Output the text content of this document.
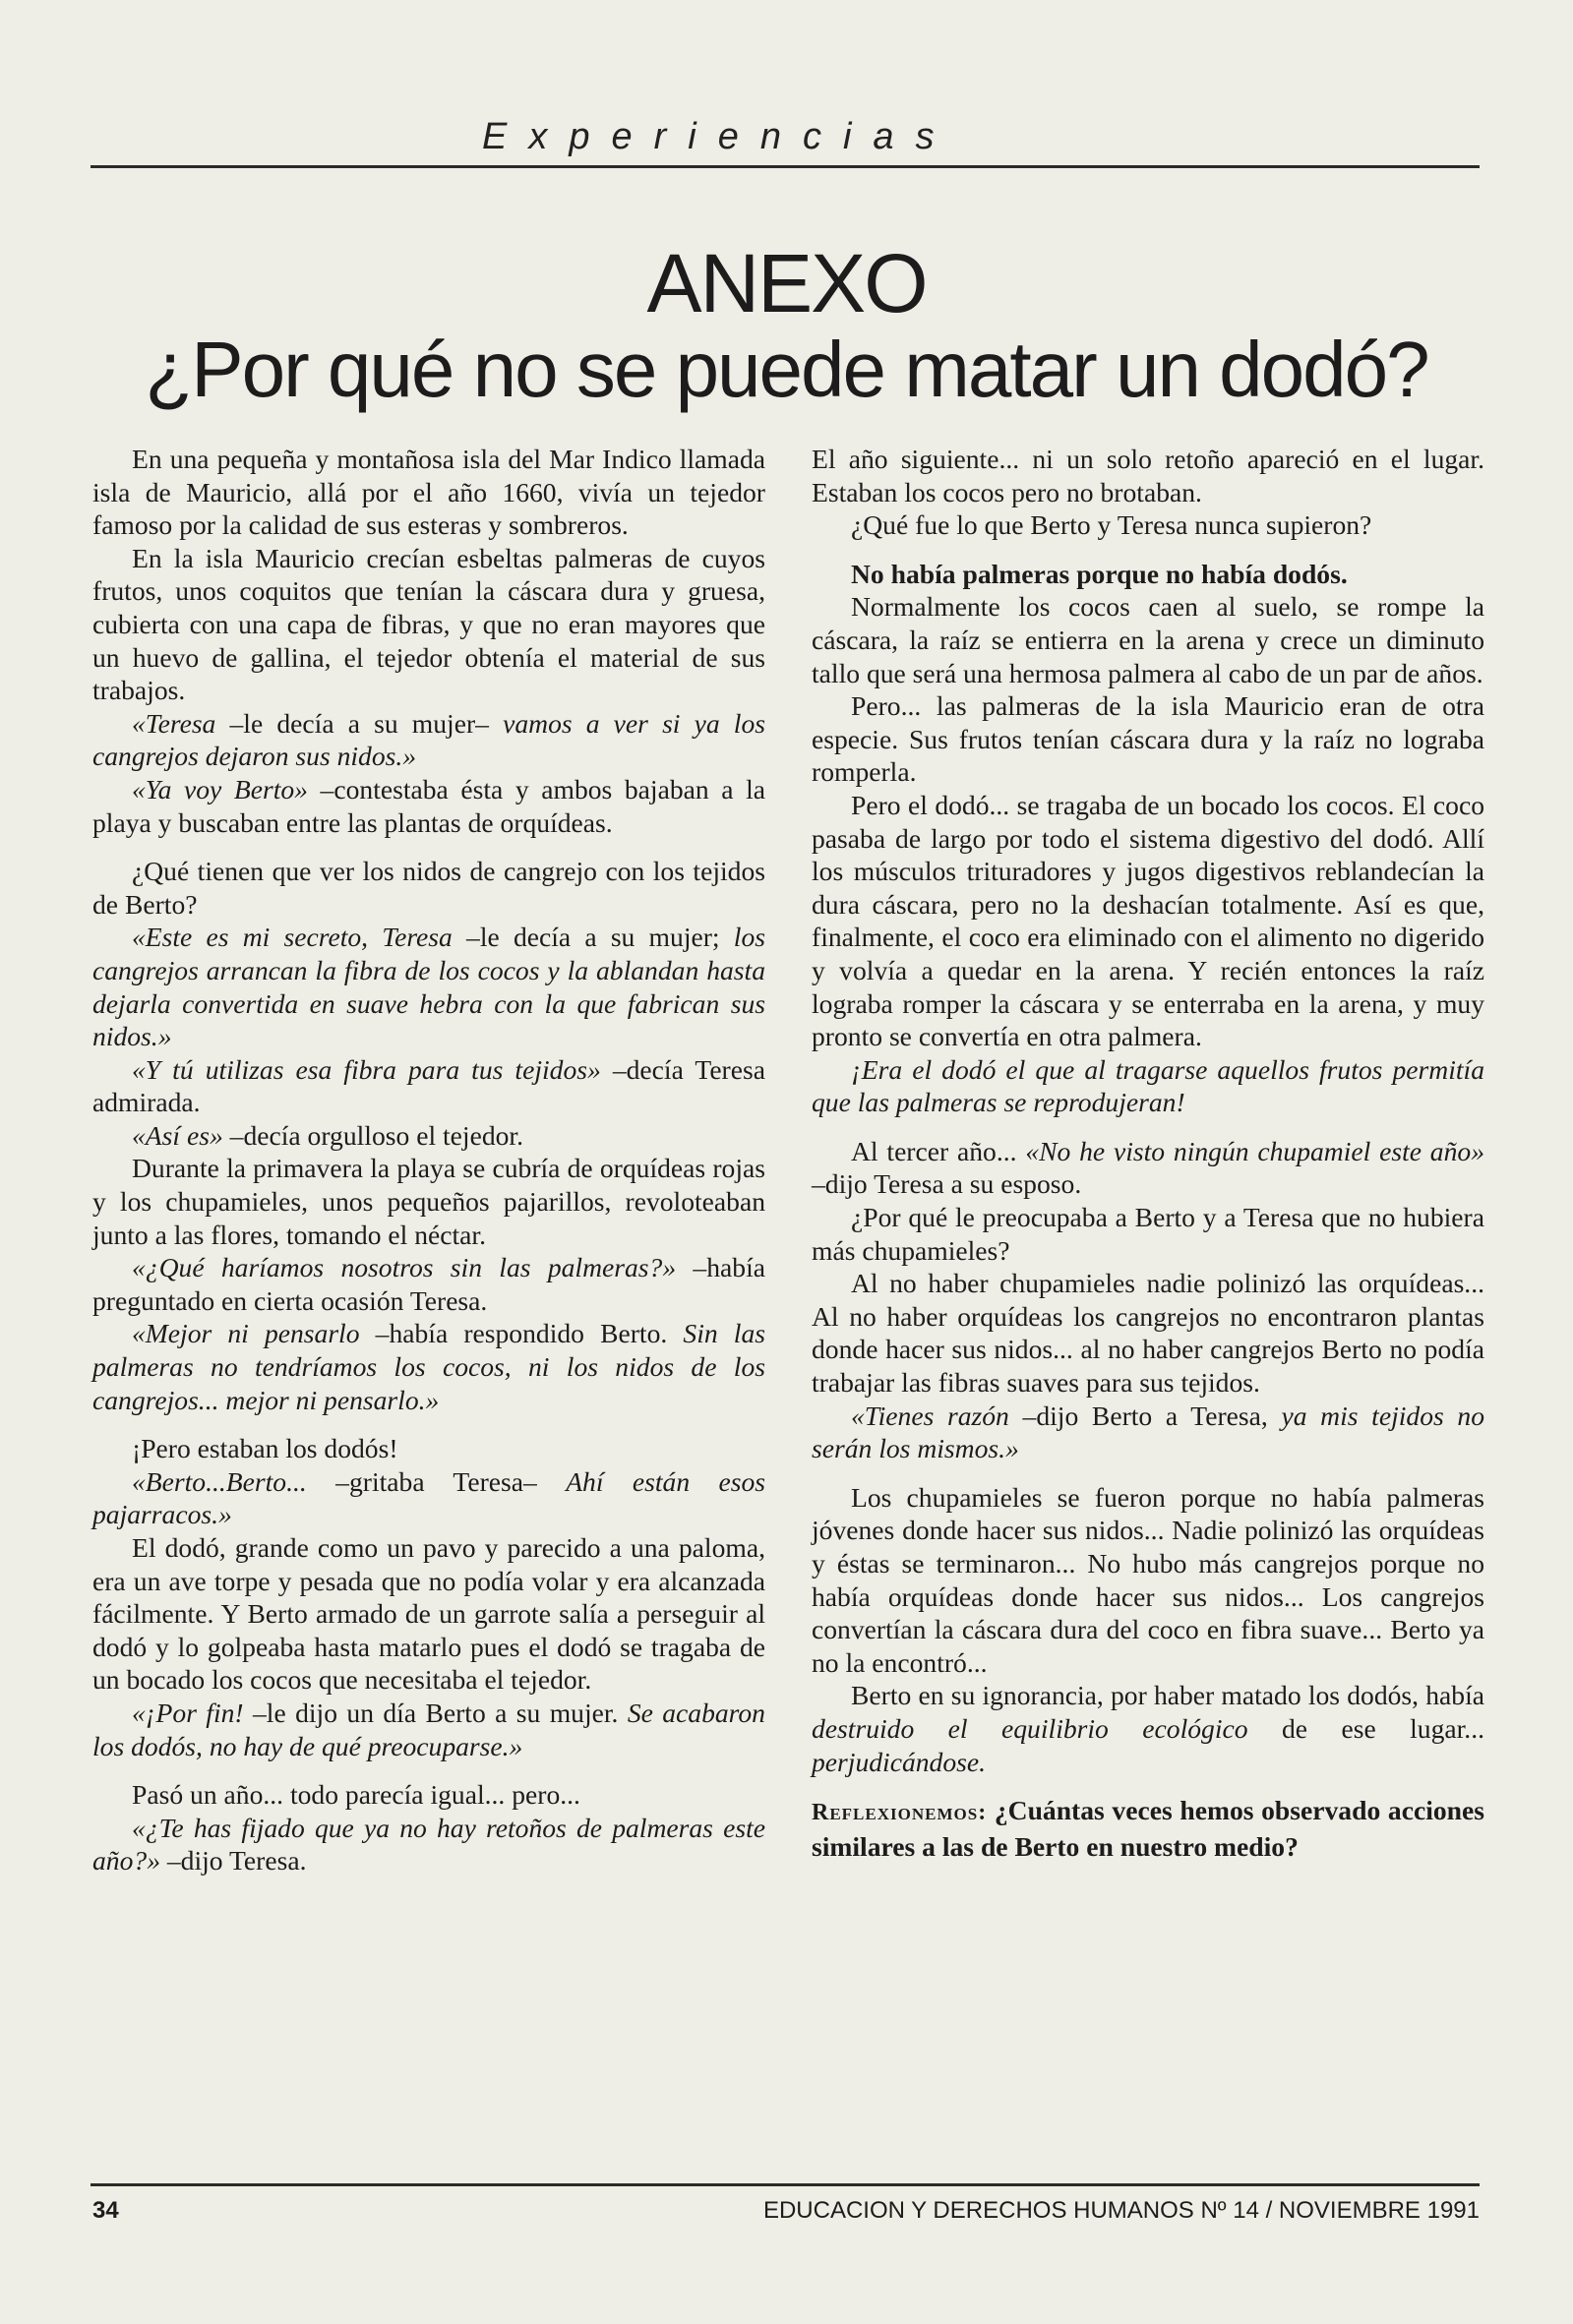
Experiencias
ANEXO
¿Por qué no se puede matar un dodó?

En una pequeña y montañosa isla del Mar Indico llamada isla de Mauricio, allá por el año 1660, vivía un tejedor famoso por la calidad de sus esteras y sombreros.

En la isla Mauricio crecían esbeltas palmeras de cuyos frutos, unos coquitos que tenían la cáscara dura y gruesa, cubierta con una capa de fibras, y que no eran mayores que un huevo de gallina, el tejedor obtenía el material de sus trabajos.

«Teresa –le decía a su mujer– vamos a ver si ya los cangrejos dejaron sus nidos.»

«Ya voy Berto» –contestaba ésta y ambos bajaban a la playa y buscaban entre las plantas de orquídeas.

¿Qué tienen que ver los nidos de cangrejo con los tejidos de Berto?

«Este es mi secreto, Teresa –le decía a su mujer; los cangrejos arrancan la fibra de los cocos y la ablandan hasta dejarla convertida en suave hebra con la que fabrican sus nidos.»

«Y tú utilizas esa fibra para tus tejidos» –decía Teresa admirada.

«Así es» –decía orgulloso el tejedor.

Durante la primavera la playa se cubría de orquídeas rojas y los chupamieles, unos pequeños pajarillos, revoloteaban junto a las flores, tomando el néctar.

«¿Qué haríamos nosotros sin las palmeras?» –había preguntado en cierta ocasión Teresa.

«Mejor ni pensarlo –había respondido Berto. Sin las palmeras no tendríamos los cocos, ni los nidos de los cangrejos... mejor ni pensarlo.»

¡Pero estaban los dodós!

«Berto...Berto... –gritaba Teresa– Ahí están esos pajarracos.»

El dodó, grande como un pavo y parecido a una paloma, era un ave torpe y pesada que no podía volar y era alcanzada fácilmente. Y Berto armado de un garrote salía a perseguir al dodó y lo golpeaba hasta matarlo pues el dodó se tragaba de un bocado los cocos que necesitaba el tejedor.

«¡Por fin! –le dijo un día Berto a su mujer. Se acabaron los dodós, no hay de qué preocuparse.»

Pasó un año... todo parecía igual... pero...

«¿Te has fijado que ya no hay retoños de palmeras este año?» –dijo Teresa.

El año siguiente... ni un solo retoño apareció en el lugar. Estaban los cocos pero no brotaban.

¿Qué fue lo que Berto y Teresa nunca supieron?

No había palmeras porque no había dodós.

Normalmente los cocos caen al suelo, se rompe la cáscara, la raíz se entierra en la arena y crece un diminuto tallo que será una hermosa palmera al cabo de un par de años.

Pero... las palmeras de la isla Mauricio eran de otra especie. Sus frutos tenían cáscara dura y la raíz no lograba romperla.

Pero el dodó... se tragaba de un bocado los cocos. El coco pasaba de largo por todo el sistema digestivo del dodó. Allí los músculos trituradores y jugos digestivos reblandecían la dura cáscara, pero no la deshacían totalmente. Así es que, finalmente, el coco era eliminado con el alimento no digerido y volvía a quedar en la arena. Y recién entonces la raíz lograba romper la cáscara y se enterraba en la arena, y muy pronto se convertía en otra palmera.

¡Era el dodó el que al tragarse aquellos frutos permitía que las palmeras se reprodujeran!

Al tercer año... «No he visto ningún chupamiel este año» –dijo Teresa a su esposo.

¿Por qué le preocupaba a Berto y a Teresa que no hubiera más chupamieles?

Al no haber chupamieles nadie polinizó las orquídeas... Al no haber orquídeas los cangrejos no encontraron plantas donde hacer sus nidos... al no haber cangrejos Berto no podía trabajar las fibras suaves para sus tejidos.

«Tienes razón –dijo Berto a Teresa, ya mis tejidos no serán los mismos.»

Los chupamieles se fueron porque no había palmeras jóvenes donde hacer sus nidos... Nadie polinizó las orquídeas y éstas se terminaron... No hubo más cangrejos porque no había orquídeas donde hacer sus nidos... Los cangrejos convertían la cáscara dura del coco en fibra suave... Berto ya no la encontró...

Berto en su ignorancia, por haber matado los dodós, había destruido el equilibrio ecológico de ese lugar... perjudicándose.

Reflexionemos: ¿Cuántas veces hemos observado acciones similares a las de Berto en nuestro medio?

34	EDUCACION Y DERECHOS HUMANOS Nº 14 / NOVIEMBRE 1991
